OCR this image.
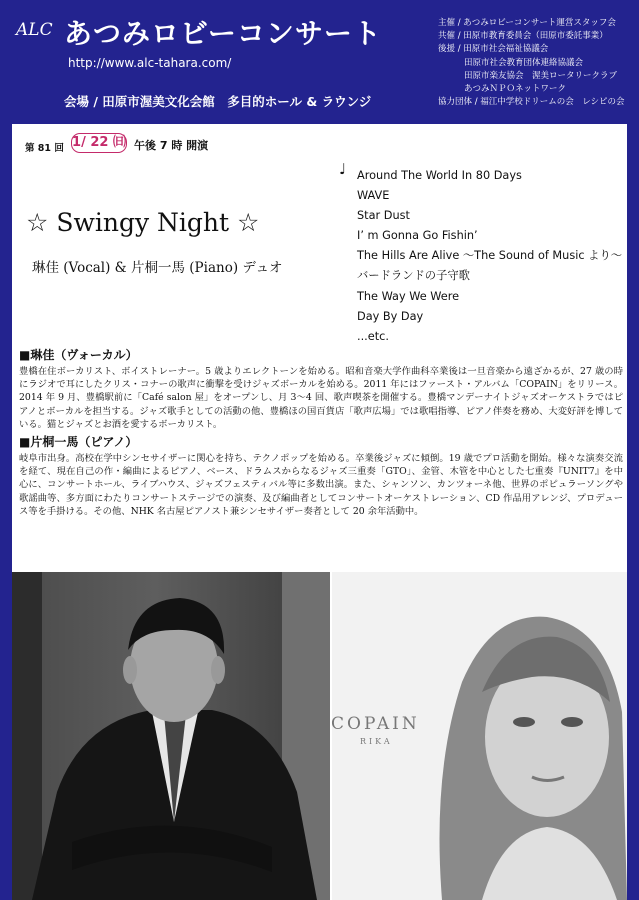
ALC あつみロビーコンサート
http://www.alc-tahara.com/
会場 / 田原市渥美文化会館　多目的ホール & ラウンジ
主催 / あつみロビーコンサート運営スタッフ会
共催 / 田原市教育委員会（田原市委託事業）
後援 / 田原市社会福祉協議会
田原市社会教育団体連絡協議会
田原市楽友協会　渥美ロータリークラブ
あつみＮＰＯネットワーク
協力団体 / 福江中学校ドリームの会　レシピの会
第 81 回 1/ 22 ㈰ 午後 7 時 開演
☆ Swingy Night ☆
琳佳 (Vocal) & 片桐一馬 (Piano) デュオ
♩ Around The World In 80 Days
WAVE
Star Dust
I’ m Gonna Go Fishin’
The Hills Are Alive ～The Sound of Music より～
バードランドの子守歌
The Way We Were
Day By Day
...etc.
■琳佳（ヴォーカル）
豊橋在住ボーカリスト、ボイストレーナー。5 歳よりエレクトーンを始める。昭和音楽大学作曲科卒業後は一旦音楽から遠ざかるが、27 歳の時にラジオで耳にしたクリス・コナーの歌声に衝撃を受けジャズボーカルを始める。2011 年にはファースト・アルバム「COPAIN」をリリース。2014 年 9 月、豊橋駅前に「Café salon 屋」をオープンし、月 3～4 回、歌声喫茶を開催する。豊橋マンデーナイトジャズオーケストラではピアノとボーカルを担当する。ジャズ歌手としての活動の他、豊橋ほの国百貨店「歌声広場」では歌唱指導、ピアノ伴奏を務め、大変好評を博している。猫とジャズとお酒を愛するボーカリスト。
■片桐一馬（ピアノ）
岐阜市出身。高校在学中シンセサイザーに関心を持ち、テクノポップを始める。卒業後ジャズに傾倒。19 歳でプロ活動を開始。様々な演奏交流を経て、現在自己の作・編曲によるピアノ、ベース、ドラムスからなるジャズ三重奏「GTO」、金管、木管を中心とした七重奏『UNIT7』を中心に、コンサートホール、ライブハウス、ジャズフェスティバル等に多数出演。また、シャンソン、カンツォーネ他、世界のポピュラーソングや歌謡曲等、多方面にわたりコンサートステージでの演奏、及び編曲者としてコンサートオーケストレーション、CD 作品用アレンジ、プロデュース等を手掛ける。その他、NHK 名古屋ピアノスト兼シンセサイザー奏者として 20 余年活動中。
COPAIN
RIKA
